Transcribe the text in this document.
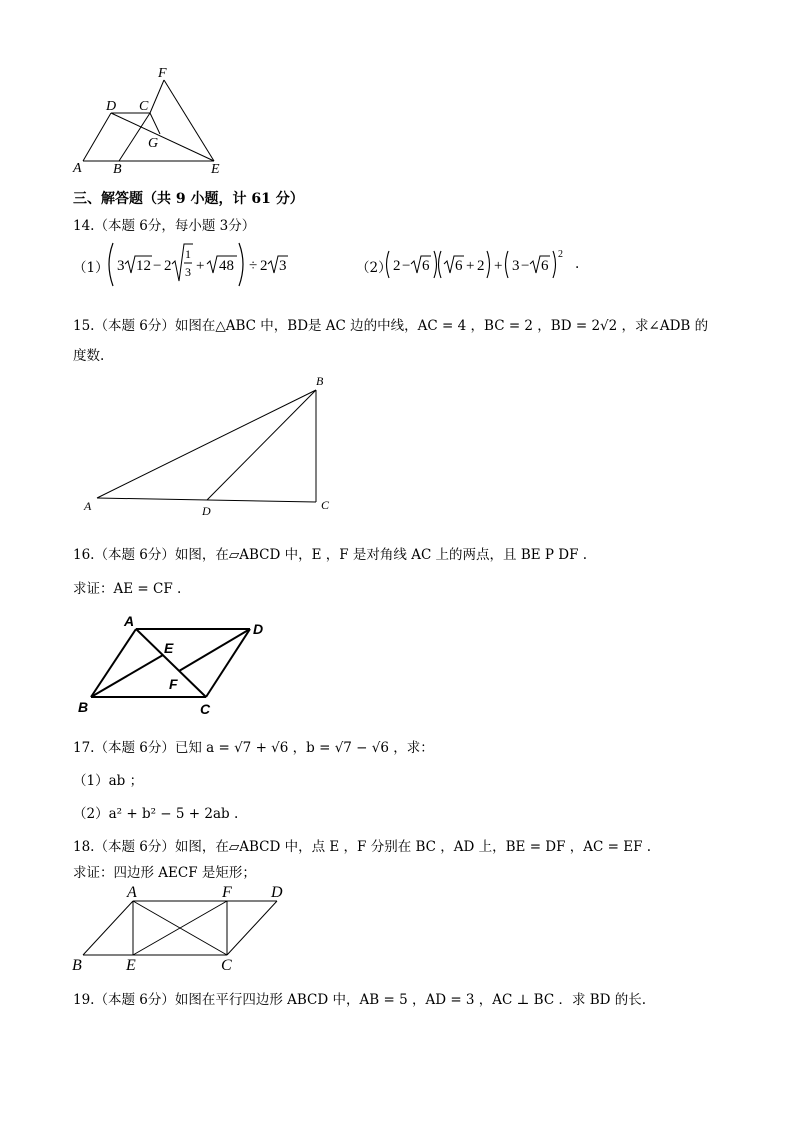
F
D C
G
A B	E
三、解答题（共 9 小题，计 61 分）
14.（本题 6分，每小题 3分）
（1） 3 12 − 2
1
3 + 48 ÷ 2 3	（2） 2 − 6 6 + 2 + 3 − 6
2
.
15.（本题 6分）如图在△ABC 中，BD是 AC 边的中线，AC = 4 ，BC = 2 ，BD = 2√2 ，求∠ADB 的
度数.
B
A	D	C
16.（本题 6分）如图，在▱ABCD 中，E ，F 是对角线 AC 上的两点，且 BE P DF .
求证：AE = CF .
A	D
E
F
B	C
17.（本题 6分）已知 a = √7 + √6 ，b = √7 − √6 ，求：
（1）ab ；
（2）a² + b² − 5 + 2ab .
18.（本题 6分）如图，在▱ABCD 中，点 E ，F 分别在 BC ，AD 上，BE = DF ，AC = EF .
求证：四边形 AECF 是矩形；
A	F D
B	E	C
19.（本题 6分）如图在平行四边形 ABCD 中，AB = 5 ，AD = 3 ，AC ⊥ BC ．求 BD 的长.
